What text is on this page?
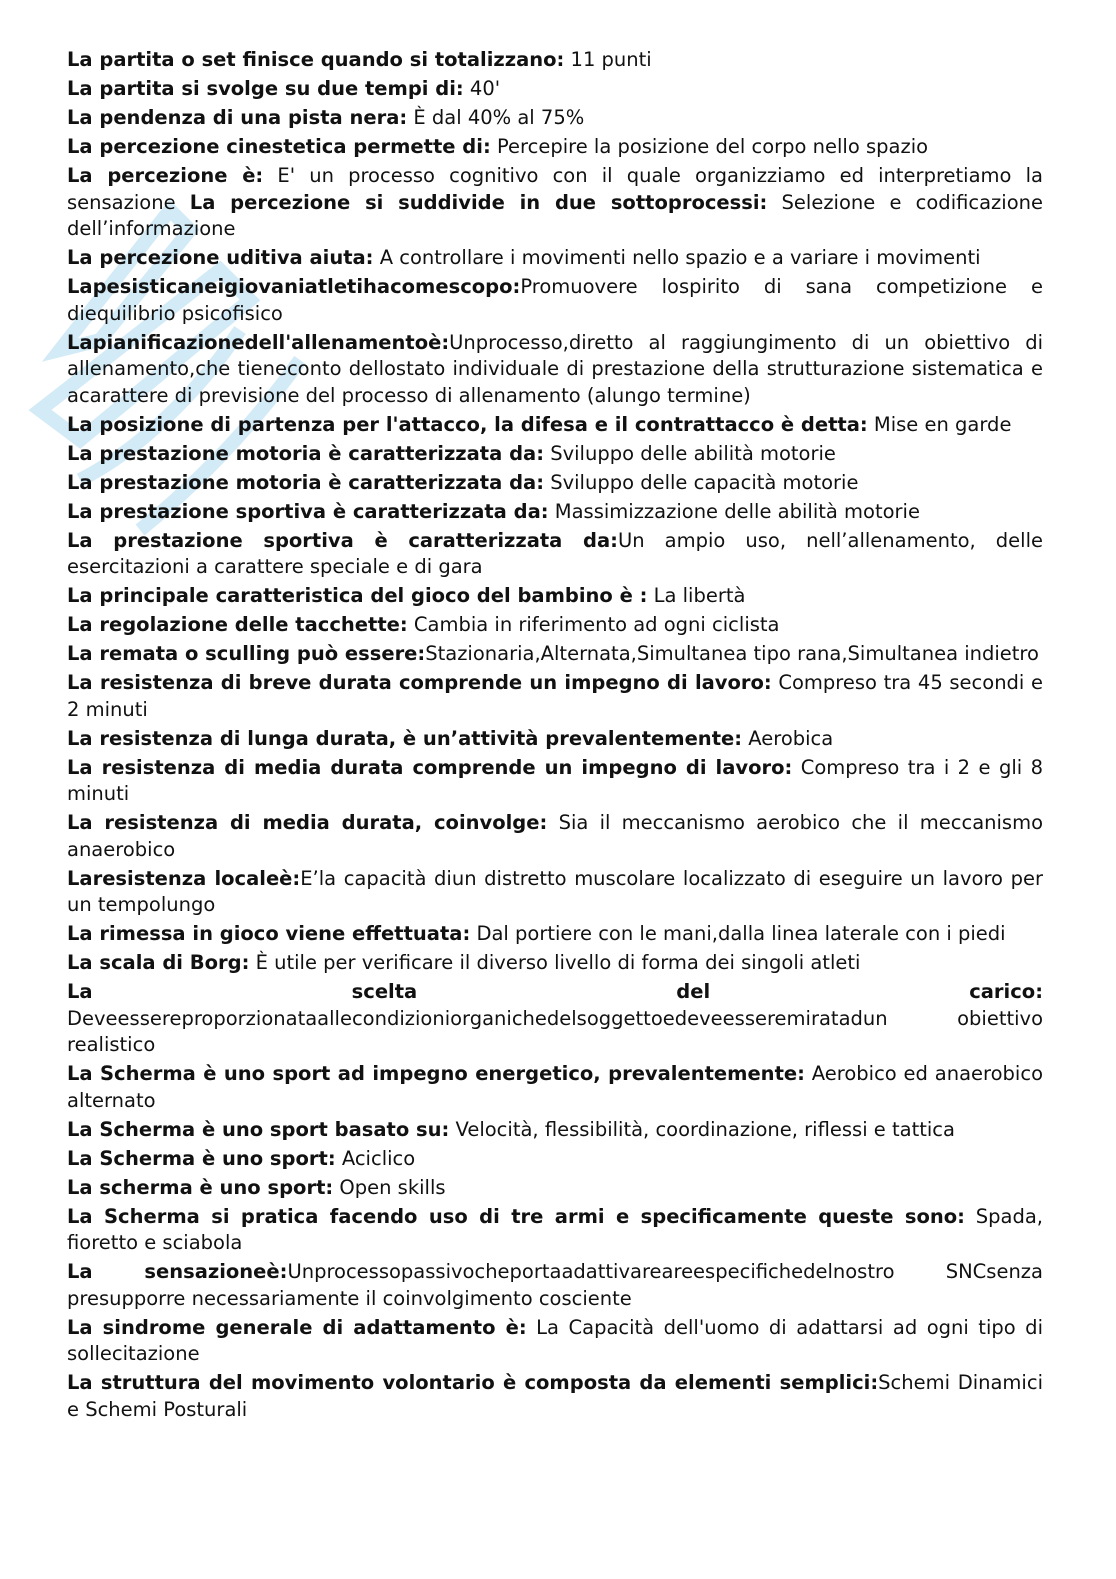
La partita o set finisce quando si totalizzano: 11 punti

La partita si svolge su due tempi di: 40'

La pendenza di una pista nera: È dal 40% al 75%

La percezione cinestetica permette di: Percepire la posizione del corpo nello spazio

La percezione è: E' un processo cognitivo con il quale organizziamo ed interpretiamo la sensazione La percezione si suddivide in due sottoprocessi: Selezione e codificazione dell’informazione

La percezione uditiva aiuta: A controllare i movimenti nello spazio e a variare i movimenti

Lapesisticaneigiovaniatletihacomescopo:Promuovere lospirito di sana competizione e diequilibrio psicofisico

Lapianificazionedell'allenamentoè:Unprocesso,diretto al raggiungimento di un obiettivo di allenamento,che tieneconto dellostato individuale di prestazione della strutturazione sistematica e acarattere di previsione del processo di allenamento (alungo termine)

La posizione di partenza per l'attacco, la difesa e il contrattacco è detta: Mise en garde

La prestazione motoria è caratterizzata da: Sviluppo delle abilità motorie

La prestazione motoria è caratterizzata da: Sviluppo delle capacità motorie

La prestazione sportiva è caratterizzata da: Massimizzazione delle abilità motorie

La prestazione sportiva è caratterizzata da:Un ampio uso, nell’allenamento, delle esercitazioni a carattere speciale e di gara

La principale caratteristica del gioco del bambino è : La libertà

La regolazione delle tacchette: Cambia in riferimento ad ogni ciclista

La remata o sculling può essere:Stazionaria,Alternata,Simultanea tipo rana,Simultanea indietro

La resistenza di breve durata comprende un impegno di lavoro: Compreso tra 45 secondi e 2 minuti

La resistenza di lunga durata, è un’attività prevalentemente: Aerobica

La resistenza di media durata comprende un impegno di lavoro: Compreso tra i 2 e gli 8 minuti

La resistenza di media durata, coinvolge: Sia il meccanismo aerobico che il meccanismo anaerobico

Laresistenza localeè:E’la capacità diun distretto muscolare localizzato di eseguire un lavoro per un tempolungo

La rimessa in gioco viene effettuata: Dal portiere con le mani,dalla linea laterale con i piedi

La scala di Borg: È utile per verificare il diverso livello di forma dei singoli atleti

La scelta del carico: Deveessereproporzionataallecondizioniorganichedelsoggettoedeveesseremiratadun obiettivo realistico

La Scherma è uno sport ad impegno energetico, prevalentemente: Aerobico ed anaerobico alternato

La Scherma è uno sport basato su: Velocità, flessibilità, coordinazione, riflessi e tattica

La Scherma è uno sport: Aciclico

La scherma è uno sport: Open skills

La Scherma si pratica facendo uso di tre armi e specificamente queste sono: Spada, fioretto e sciabola

La sensazioneè:Unprocessopassivocheportaadattivareareespecifichedelnostro SNCsenza presupporre necessariamente il coinvolgimento cosciente

La sindrome generale di adattamento è: La Capacità dell'uomo di adattarsi ad ogni tipo di sollecitazione

La struttura del movimento volontario è composta da elementi semplici:Schemi Dinamici e Schemi Posturali
